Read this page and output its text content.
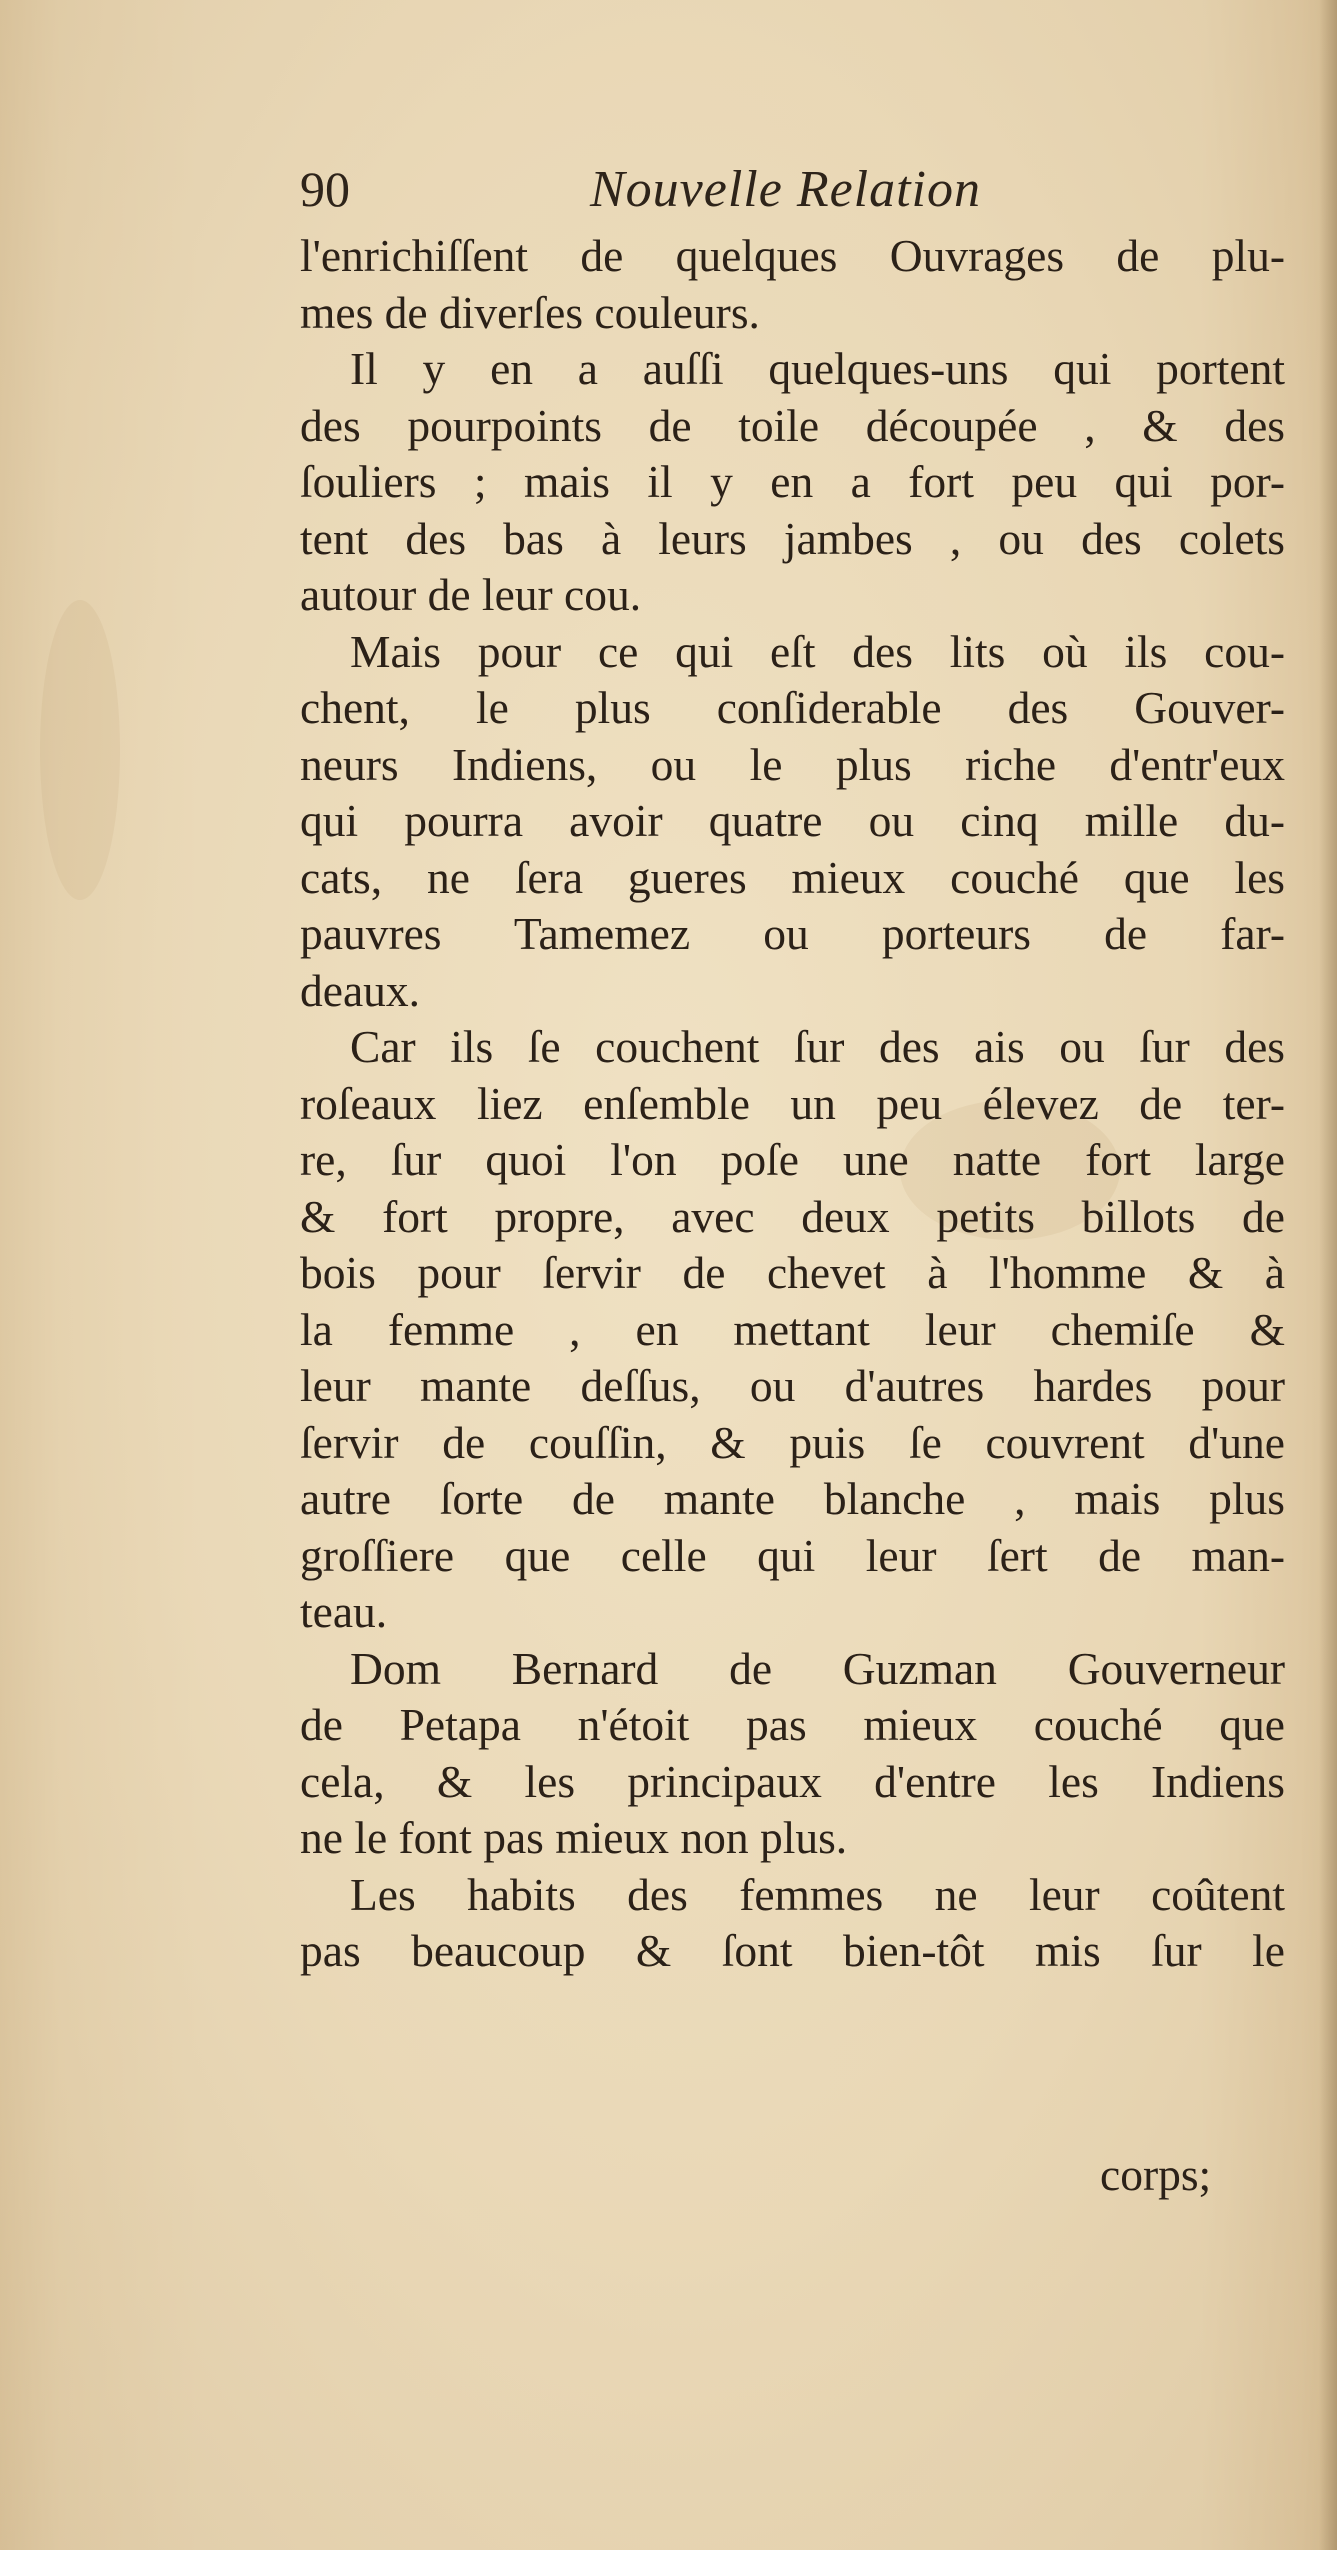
90	Nouvelle Relation
l'enrichiſſent de quelques Ouvrages de plu-
mes de diverſes couleurs.
Il y en a auſſi quelques-uns qui portent
des pourpoints de toile découpée , & des
ſouliers ; mais il y en a fort peu qui por-
tent des bas à leurs jambes , ou des colets
autour de leur cou.
Mais pour ce qui eſt des lits où ils cou-
chent, le plus conſiderable des Gouver-
neurs Indiens, ou le plus riche d'entr'eux
qui pourra avoir quatre ou cinq mille du-
cats, ne ſera gueres mieux couché que les
pauvres Tamemez ou porteurs de far-
deaux.
Car ils ſe couchent ſur des ais ou ſur des
roſeaux liez enſemble un peu élevez de ter-
re, ſur quoi l'on poſe une natte fort large
& fort propre, avec deux petits billots de
bois pour ſervir de chevet à l'homme & à
la femme , en mettant leur chemiſe &
leur mante deſſus, ou d'autres hardes pour
ſervir de couſſin, & puis ſe couvrent d'une
autre ſorte de mante blanche , mais plus
groſſiere que celle qui leur ſert de man-
teau.
Dom Bernard de Guzman Gouverneur
de Petapa n'étoit pas mieux couché que
cela, & les principaux d'entre les Indiens
ne le font pas mieux non plus.
Les habits des femmes ne leur coûtent
pas beaucoup & ſont bien-tôt mis ſur le
corps;
